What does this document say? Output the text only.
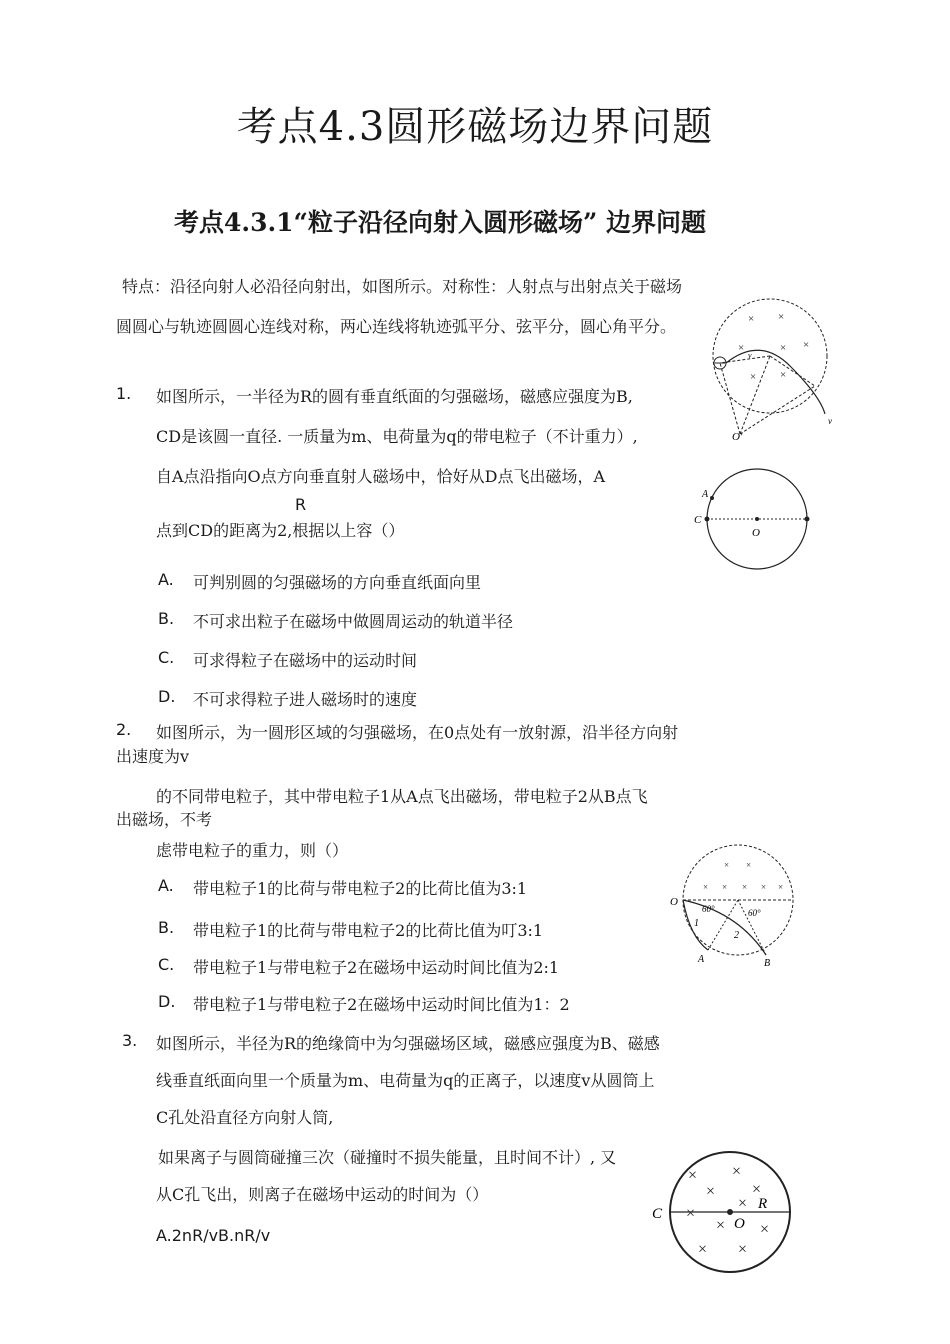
考点4.3圆形磁场边界问题
考点4.3.1“粒子沿径向射入圆形磁场” 边界问题
特点：沿径向射人必沿径向射出，如图所示。对称性：人射点与出射点关于磁场
圆圆心与轨迹圆圆心连线对称，两心连线将轨迹弧平分、弦平分，圆心角平分。
1. 如图所示，一半径为R的圆有垂直纸面的匀强磁场，磁感应强度为B,
CD是该圆一直径. 一质量为m、电荷量为q的带电粒子（不计重力）,
自A点沿指向O点方向垂直射人磁场中，恰好从D点飞出磁场，A
R
点到CD的距离为2,根据以上容（）
A. 可判别圆的匀强磁场的方向垂直纸面向里
B. 不可求出粒子在磁场中做圆周运动的轨道半径
C. 可求得粒子在磁场中的运动时间
D. 不可求得粒子进人磁场时的速度
2. 如图所示，为一圆形区域的匀强磁场，在0点处有一放射源，沿半径方向射
出速度为v
的不同带电粒子，其中带电粒子1从A点飞出磁场，带电粒子2从B点飞
出磁场，不考
虑带电粒子的重力，则（）
A. 带电粒子1的比荷与带电粒子2的比荷比值为3:1
B. 带电粒子1的比荷与带电粒子2的比荷比值为叮3:1
C. 带电粒子1与带电粒子2在磁场中运动时间比值为2:1
D. 带电粒子1与带电粒子2在磁场中运动时间比值为1：2
3. 如图所示，半径为R的绝缘筒中为匀强磁场区域，磁感应强度为B、磁感
线垂直纸面向里一个质量为m、电荷量为q的正离子，以速度v从圆筒上
C孔处沿直径方向射人筒,
如果离子与圆筒碰撞三次（碰撞时不损失能量，且时间不计）, 又
从C孔飞出，则离子在磁场中运动的时间为（）
A.2nR/vB.nR/v
× ×
×	× ×
× ×
O'
v
v
A
C
O
× ×
× × × × ×
O
A	B
1
2
60°	60°
× ×
× ×
×
×
× ×
× ×
C
O
R
